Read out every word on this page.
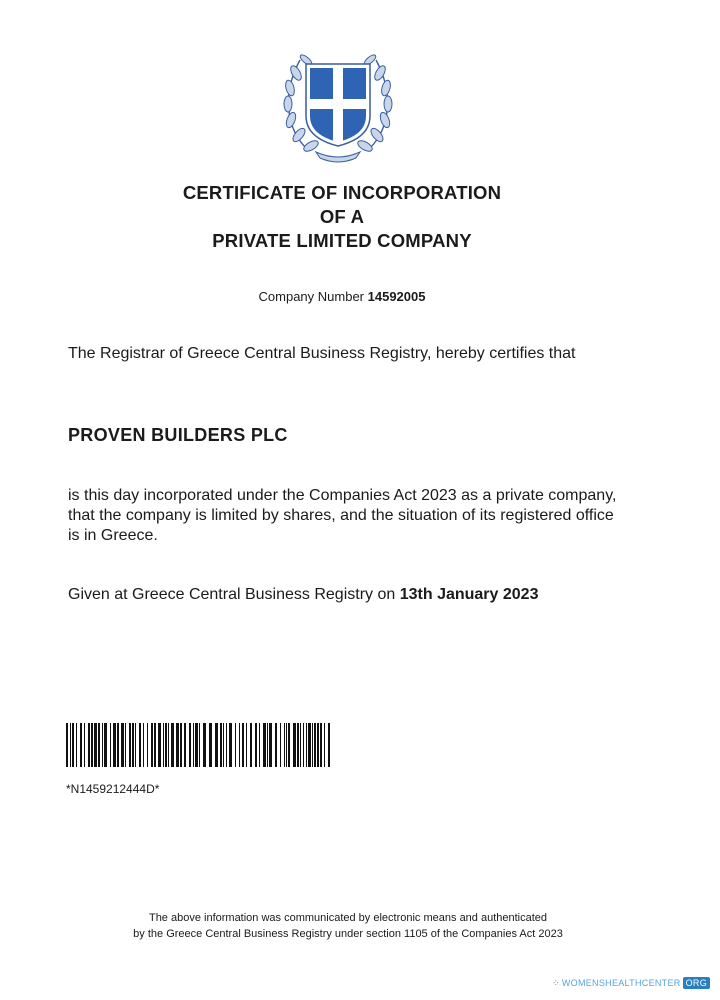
CERTIFICATE OF INCORPORATION
OF A
PRIVATE LIMITED COMPANY
Company Number 14592005
The Registrar of Greece Central Business Registry, hereby certifies that
PROVEN BUILDERS PLC
is this day incorporated under the Companies Act 2023 as a private company, that the company is limited by shares, and the situation of its registered office is in Greece.
Given at Greece Central Business Registry on 13th January 2023
*N1459212444D*
The above information was communicated by electronic means and authenticated
by the Greece Central Business Registry under section 1105 of the Companies Act 2023
⁘ WOMENSHEALTHCENTER ORG
